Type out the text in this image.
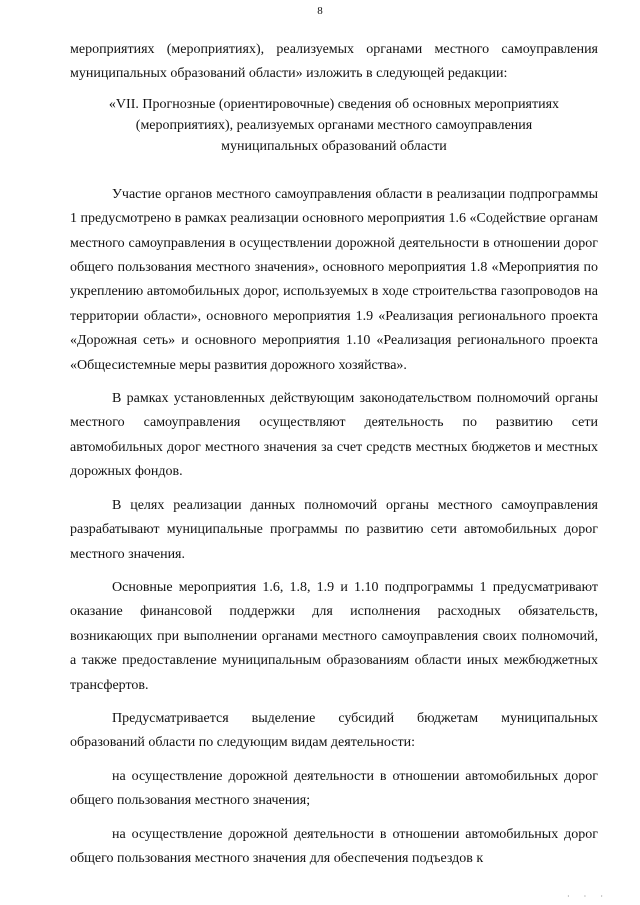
8

мероприятиях (мероприятиях), реализуемых органами местного самоуправления муниципальных образований области» изложить в следующей редакции:

«VII. Прогнозные (ориентировочные) сведения об основных мероприятиях
(мероприятиях), реализуемых органами местного самоуправления
муниципальных образований области

Участие органов местного самоуправления области в реализации подпрограммы 1 предусмотрено в рамках реализации основного мероприятия 1.6 «Содействие органам местного самоуправления в осуществлении дорожной деятельности в отношении дорог общего пользования местного значения», основного мероприятия 1.8 «Мероприятия по укреплению автомобильных дорог, используемых в ходе строительства газопроводов на территории области», основного мероприятия 1.9 «Реализация регионального проекта «Дорожная сеть» и основного мероприятия 1.10 «Реализация регионального проекта «Общесистемные меры развития дорожного хозяйства».

В рамках установленных действующим законодательством полномочий органы местного самоуправления осуществляют деятельность по развитию сети автомобильных дорог местного значения за счет средств местных бюджетов и местных дорожных фондов.

В целях реализации данных полномочий органы местного самоуправления разрабатывают муниципальные программы по развитию сети автомобильных дорог местного значения.

Основные мероприятия 1.6, 1.8, 1.9 и 1.10 подпрограммы 1 предусматривают оказание финансовой поддержки для исполнения расходных обязательств, возникающих при выполнении органами местного самоуправления своих полномочий, а также предоставление муниципальным образованиям области иных межбюджетных трансфертов.

Предусматривается выделение субсидий бюджетам муниципальных образований области по следующим видам деятельности:

на осуществление дорожной деятельности в отношении автомобильных дорог общего пользования местного значения;

на осуществление дорожной деятельности в отношении автомобильных дорог общего пользования местного значения для обеспечения подъездов к

· · ·
